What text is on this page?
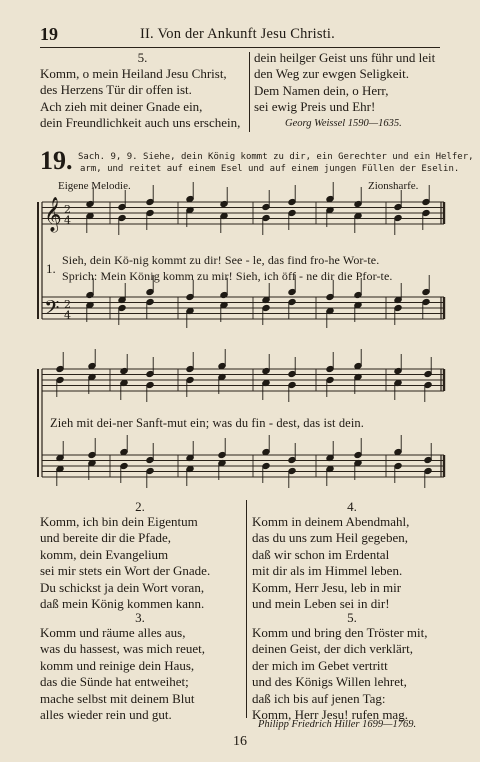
19	II. Von der Ankunft Jesu Christi.
5.
Komm, o mein Heiland Jesu Christ,
des Herzens Tür dir offen ist.
Ach zieh mit deiner Gnade ein,
dein Freundlichkeit auch uns erschein,
dein heilger Geist uns führ und leit
den Weg zur ewgen Seligkeit.
Dem Namen dein, o Herr,
sei ewig Preis und Ehr!
Georg Weissel 1590—1635.
19. Sach. 9, 9. Siehe, dein König kommt zu dir, ein Gerechter und ein Helfer,
arm, und reitet auf einem Esel und auf einem jungen Füllen der Eselin.
Eigene Melodie.	Zionsharfe.
𝄞
𝄢
2
4
2
4
1.
Sieh, dein Kö-nig kommt zu dir! See - le, das find fro-he Wor-te.
Sprich: Mein König komm zu mir! Sieh, ich öff - ne dir die Pfor-te.
Zieh mit dei-ner Sanft-mut ein; was du fin - dest, das ist dein.
2.
Komm, ich bin dein Eigentum
und bereite dir die Pfade,
komm, dein Evangelium
sei mir stets ein Wort der Gnade.
Du schickst ja dein Wort voran,
daß mein König kommen kann.
4.
Komm in deinem Abendmahl,
das du uns zum Heil gegeben,
daß wir schon im Erdental
mit dir als im Himmel leben.
Komm, Herr Jesu, leb in mir
und mein Leben sei in dir!
3.
Komm und räume alles aus,
was du hassest, was mich reuet,
komm und reinige dein Haus,
das die Sünde hat entweihet;
mache selbst mit deinem Blut
alles wieder rein und gut.
5.
Komm und bring den Tröster mit,
deinen Geist, der dich verklärt,
der mich im Gebet vertritt
und des Königs Willen lehret,
daß ich bis auf jenen Tag:
Komm, Herr Jesu! rufen mag.
Philipp Friedrich Hiller 1699—1769.
16
